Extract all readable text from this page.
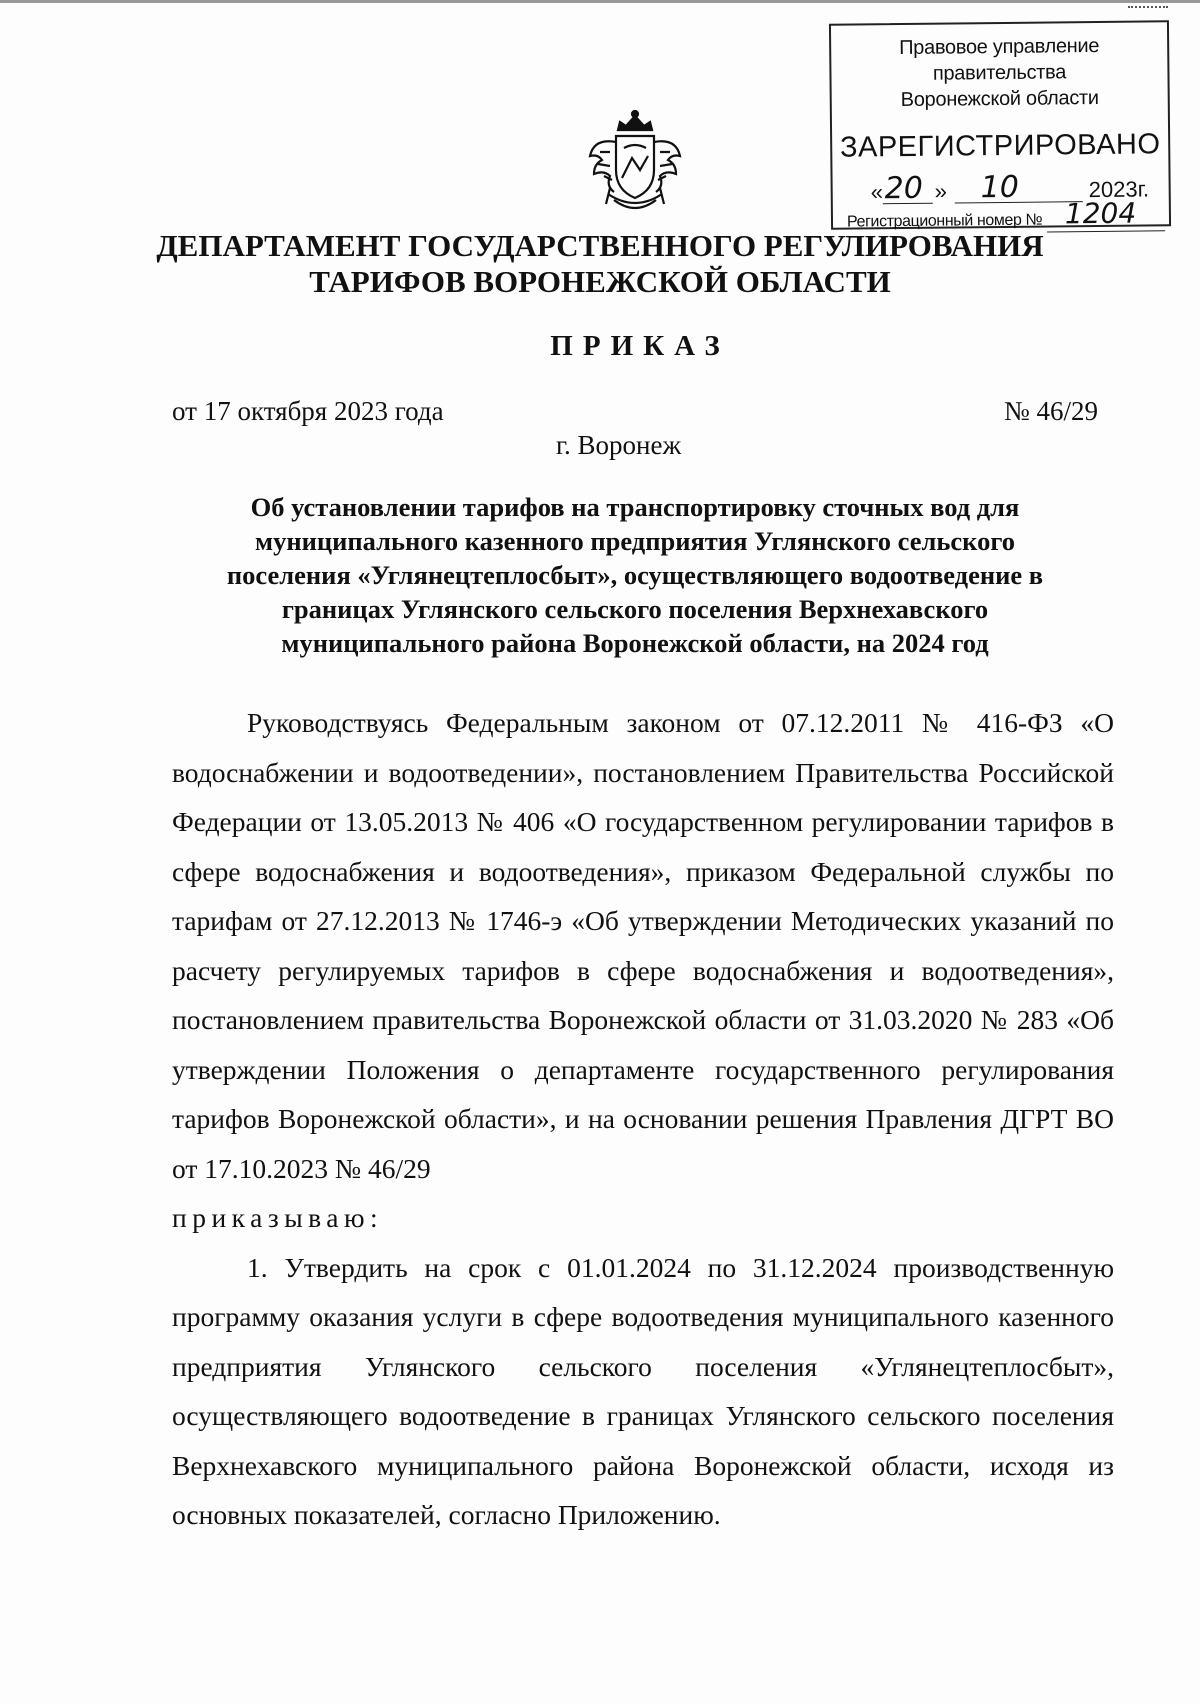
Правовое управление правительства
Воронежской области
ЗАРЕГИСТРИРОВАНО
« 20 » 10	2023г.
Регистрационный номер № 1204
ДЕПАРТАМЕНТ ГОСУДАРСТВЕННОГО РЕГУЛИРОВАНИЯ
ТАРИФОВ ВОРОНЕЖСКОЙ ОБЛАСТИ
ПРИКАЗ
от 17 октября 2023 года	№ 46/29
г. Воронеж
Об установлении тарифов на транспортировку сточных вод для муниципального казенного предприятия Углянского сельского поселения «Углянецтеплосбыт», осуществляющего водоотведение в границах Углянского сельского поселения Верхнехавского муниципального района Воронежской области, на 2024 год

Руководствуясь Федеральным законом от 07.12.2011 № 416-ФЗ «О водоснабжении и водоотведении», постановлением Правительства Российской Федерации от 13.05.2013 № 406 «О государственном регулировании тарифов в сфере водоснабжения и водоотведения», приказом Федеральной службы по тарифам от 27.12.2013 № 1746-э «Об утверждении Методических указаний по расчету регулируемых тарифов в сфере водоснабжения и водоотведения», постановлением правительства Воронежской области от 31.03.2020 № 283 «Об утверждении Положения о департаменте государственного регулирования тарифов Воронежской области», и на основании решения Правления ДГРТ ВО от 17.10.2023 № 46/29

приказываю:

1. Утвердить на срок с 01.01.2024 по 31.12.2024 производственную программу оказания услуги в сфере водоотведения муниципального казенного предприятия Углянского сельского поселения «Углянецтеплосбыт», осуществляющего водоотведение в границах Углянского сельского поселения Верхнехавского муниципального района Воронежской области, исходя из основных показателей, согласно Приложению.
